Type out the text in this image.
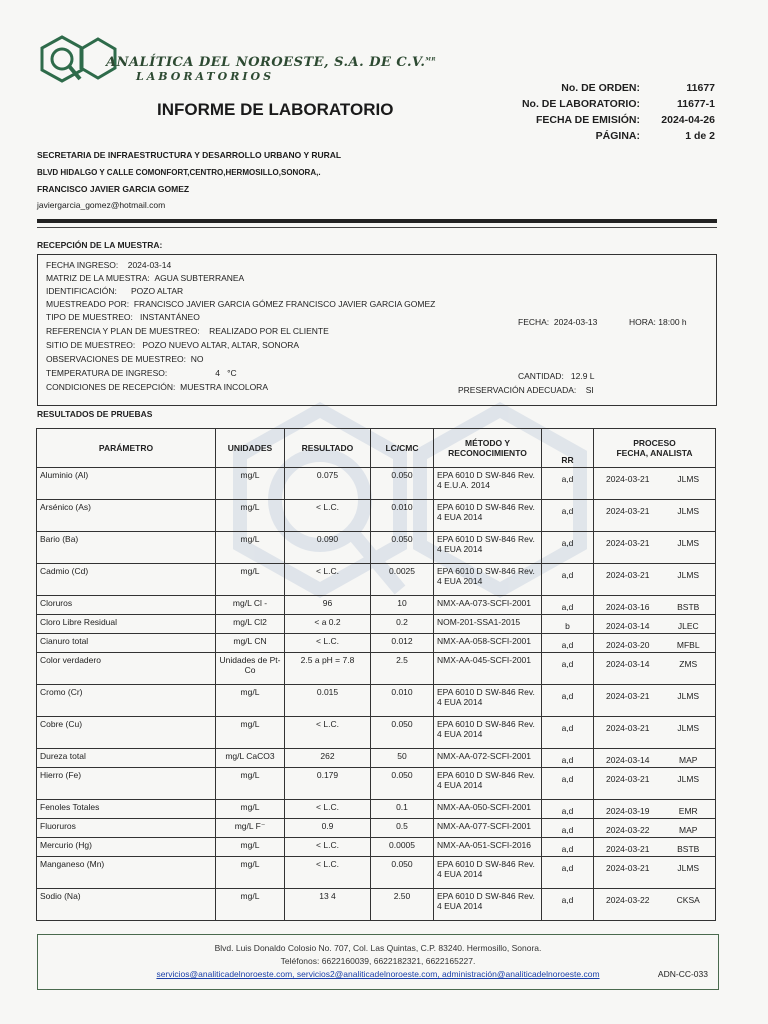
ANALÍTICA DEL NOROESTE, S.A. DE C.V.$^{MR}$
LABORATORIOS
INFORME DE LABORATORIO
No. DE ORDEN:	11677
No. DE LABORATORIO:	11677-1
FECHA DE EMISIÓN:	2024-04-26
PÁGINA:	1 de 2
SECRETARIA DE INFRAESTRUCTURA Y DESARROLLO URBANO Y RURAL
BLVD HIDALGO Y CALLE COMONFORT,CENTRO,HERMOSILLO,SONORA,.
FRANCISCO JAVIER GARCIA GOMEZ
javiergarcia_gomez@hotmail.com
RECEPCIÓN DE LA MUESTRA:
FECHA INGRESO: 2024-03-14
MATRIZ DE LA MUESTRA: AGUA SUBTERRANEA
IDENTIFICACIÓN: POZO ALTAR
MUESTREADO POR: FRANCISCO JAVIER GARCIA GÓMEZ FRANCISCO JAVIER GARCIA GOMEZ
TIPO DE MUESTREO: INSTANTÁNEO	FECHA: 2024-03-13	HORA: 18:00 h
REFERENCIA Y PLAN DE MUESTREO: REALIZADO POR EL CLIENTE
SITIO DE MUESTREO: POZO NUEVO ALTAR, ALTAR, SONORA
OBSERVACIONES DE MUESTREO: NO
TEMPERATURA DE INGRESO:	4 °C	CANTIDAD: 12.9 L
CONDICIONES DE RECEPCIÓN: MUESTRA INCOLORA	PRESERVACIÓN ADECUADA: SI
RESULTADOS DE PRUEBAS
PARÁMETRO	UNIDADES	RESULTADO	LC/CMC	MÉTODO Y
RECONOCIMIENTO	RR	PROCESO
FECHA, ANALISTA	
Aluminio (Al)	mg/L	0.075	0.050	EPA 6010 D SW-846 Rev. 4 E.U.A. 2014	a,d	2024-03-21	JLMS
Arsénico (As)	mg/L	< L.C.	0.010	EPA 6010 D SW-846 Rev. 4 EUA 2014	a,d	2024-03-21	JLMS
Bario (Ba)	mg/L	0.090	0.050	EPA 6010 D SW-846 Rev. 4 EUA 2014	a,d	2024-03-21	JLMS
Cadmio (Cd)	mg/L	< L.C.	0.0025	EPA 6010 D SW-846 Rev. 4 EUA 2014	a,d	2024-03-21	JLMS
Cloruros	mg/L Cl -	96	10	NMX-AA-073-SCFI-2001	a,d	2024-03-16	BSTB
Cloro Libre Residual	mg/L Cl2	< a 0.2	0.2	NOM-201-SSA1-2015	b	2024-03-14	JLEC
Cianuro total	mg/L CN	< L.C.	0.012	NMX-AA-058-SCFI-2001	a,d	2024-03-20	MFBL
Color verdadero	Unidades de Pt-Co	2.5 a pH = 7.8	2.5	NMX-AA-045-SCFI-2001	a,d	2024-03-14	ZMS
Cromo (Cr)	mg/L	0.015	0.010	EPA 6010 D SW-846 Rev. 4 EUA 2014	a,d	2024-03-21	JLMS
Cobre (Cu)	mg/L	< L.C.	0.050	EPA 6010 D SW-846 Rev. 4 EUA 2014	a,d	2024-03-21	JLMS
Dureza total	mg/L CaCO3	262	50	NMX-AA-072-SCFI-2001	a,d	2024-03-14	MAP
Hierro (Fe)	mg/L	0.179	0.050	EPA 6010 D SW-846 Rev. 4 EUA 2014	a,d	2024-03-21	JLMS
Fenoles Totales	mg/L	< L.C.	0.1	NMX-AA-050-SCFI-2001	a,d	2024-03-19	EMR
Fluoruros	mg/L F⁻	0.9	0.5	NMX-AA-077-SCFI-2001	a,d	2024-03-22	MAP
Mercurio (Hg)	mg/L	< L.C.	0.0005	NMX-AA-051-SCFI-2016	a,d	2024-03-21	BSTB
Manganeso (Mn)	mg/L	< L.C.	0.050	EPA 6010 D SW-846 Rev. 4 EUA 2014	a,d	2024-03-21	JLMS
Sodio (Na)	mg/L	13 4	2.50	EPA 6010 D SW-846 Rev. 4 EUA 2014	a,d	2024-03-22	CKSA
Blvd. Luis Donaldo Colosio No. 707, Col. Las Quintas, C.P. 83240. Hermosillo, Sonora.
Teléfonos: 6622160039, 6622182321, 6622165227.
servicios@analiticadelnoroeste.com, servicios2@analiticadelnoroeste.com, administración@analiticadelnoroeste.com	ADN-CC-033
